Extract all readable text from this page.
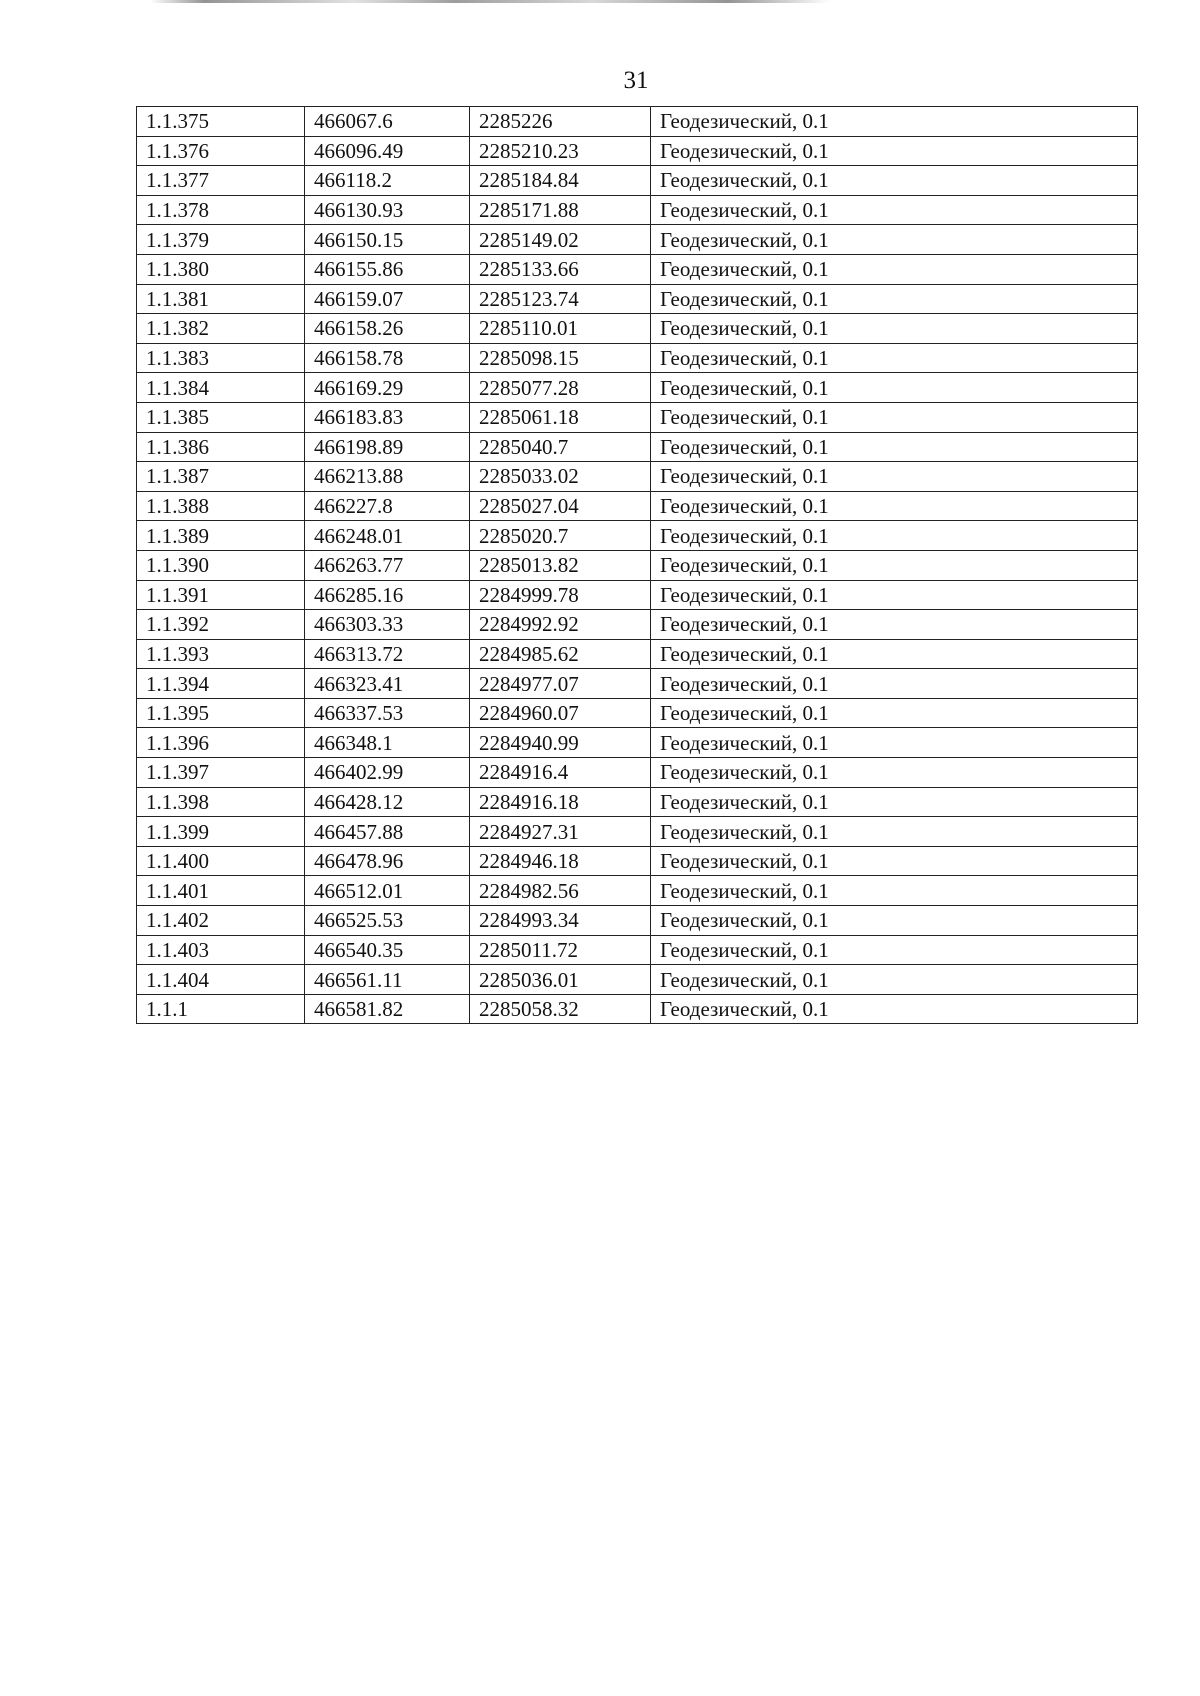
31
1.1.375	466067.6	2285226	Геодезический, 0.1
1.1.376	466096.49	2285210.23	Геодезический, 0.1
1.1.377	466118.2	2285184.84	Геодезический, 0.1
1.1.378	466130.93	2285171.88	Геодезический, 0.1
1.1.379	466150.15	2285149.02	Геодезический, 0.1
1.1.380	466155.86	2285133.66	Геодезический, 0.1
1.1.381	466159.07	2285123.74	Геодезический, 0.1
1.1.382	466158.26	2285110.01	Геодезический, 0.1
1.1.383	466158.78	2285098.15	Геодезический, 0.1
1.1.384	466169.29	2285077.28	Геодезический, 0.1
1.1.385	466183.83	2285061.18	Геодезический, 0.1
1.1.386	466198.89	2285040.7	Геодезический, 0.1
1.1.387	466213.88	2285033.02	Геодезический, 0.1
1.1.388	466227.8	2285027.04	Геодезический, 0.1
1.1.389	466248.01	2285020.7	Геодезический, 0.1
1.1.390	466263.77	2285013.82	Геодезический, 0.1
1.1.391	466285.16	2284999.78	Геодезический, 0.1
1.1.392	466303.33	2284992.92	Геодезический, 0.1
1.1.393	466313.72	2284985.62	Геодезический, 0.1
1.1.394	466323.41	2284977.07	Геодезический, 0.1
1.1.395	466337.53	2284960.07	Геодезический, 0.1
1.1.396	466348.1	2284940.99	Геодезический, 0.1
1.1.397	466402.99	2284916.4	Геодезический, 0.1
1.1.398	466428.12	2284916.18	Геодезический, 0.1
1.1.399	466457.88	2284927.31	Геодезический, 0.1
1.1.400	466478.96	2284946.18	Геодезический, 0.1
1.1.401	466512.01	2284982.56	Геодезический, 0.1
1.1.402	466525.53	2284993.34	Геодезический, 0.1
1.1.403	466540.35	2285011.72	Геодезический, 0.1
1.1.404	466561.11	2285036.01	Геодезический, 0.1
1.1.1	466581.82	2285058.32	Геодезический, 0.1
